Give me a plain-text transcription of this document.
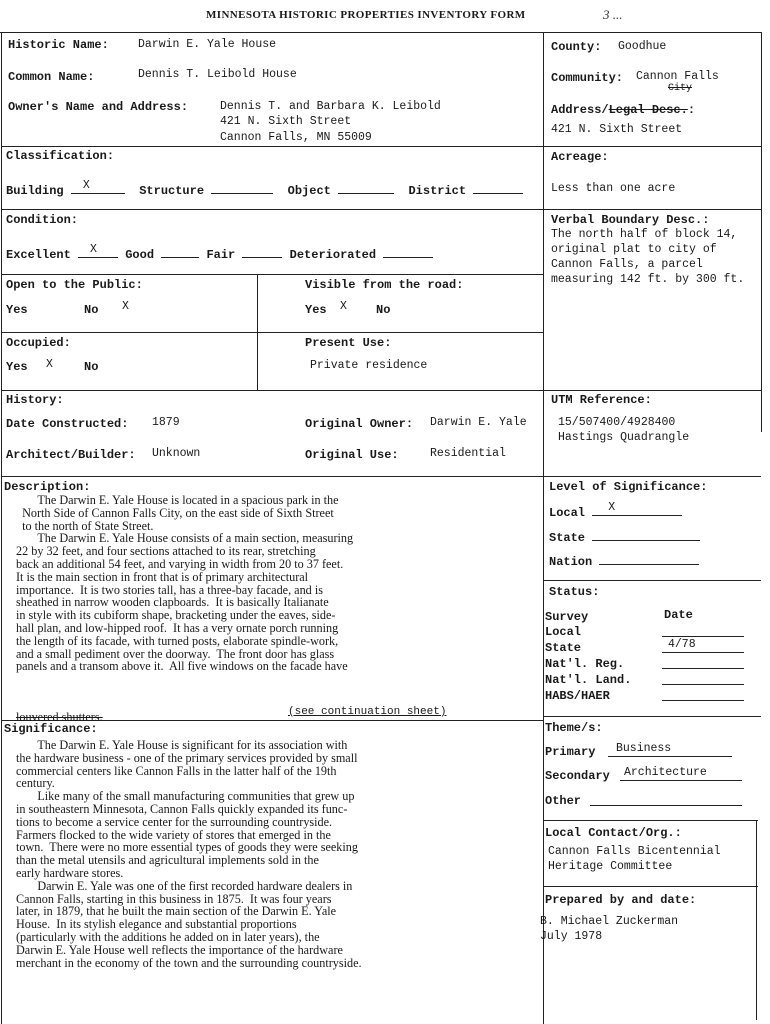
MINNESOTA HISTORIC PROPERTIES INVENTORY FORM	3 ...
Historic Name:	Darwin E. Yale House
Common Name:	Dennis T. Leibold House
Owner's Name and Address:	Dennis T. and Barbara K. Leibold
421 N. Sixth Street
Cannon Falls, MN 55009
County: Goodhue
Community: Cannon Falls
City
Address/Legal Desc.:
421 N. Sixth Street
Classification:
Building X	Structure	Object	District
Acreage:
Less than one acre
Condition:
Excellent X Good	Fair	Deteriorated
Verbal Boundary Desc.:
The north half of block 14,
original plat to city of
Cannon Falls, a parcel
measuring 142 ft. by 300 ft.
Open to the Public:
Yes	No X
Visible from the road:
Yes X No
Occupied:
Yes X	No
Present Use:
Private residence
History:
Date Constructed: 1879	Original Owner: Darwin E. Yale
Architect/Builder: Unknown	Original Use:	Residential
UTM Reference:
15/507400/4928400
Hastings Quadrangle
Description:
The Darwin E. Yale House is located in a spacious park in the
North Side of Cannon Falls City, on the east side of Sixth Street
to the north of State Street.
The Darwin E. Yale House consists of a main section, measuring
22 by 32 feet, and four sections attached to its rear, stretching
back an additional 54 feet, and varying in width from 20 to 37 feet.
It is the main section in front that is of primary architectural
importance.  It is two stories tall, has a three-bay facade, and is
sheathed in narrow wooden clapboards.  It is basically Italianate
in style with its cubiform shape, bracketing under the eaves, side-
hall plan, and low-hipped roof.  It has a very ornate porch running
the length of its facade, with turned posts, elaborate spindle-work,
and a small pediment over the doorway.  The front door has glass
panels and a transom above it.  All five windows on the facade have
louvered shutters.	(see continuation sheet)
Level of Significance:
Local X
State
Nation
Status:
Survey	Date
Local
State	4/78
Nat'l. Reg.
Nat'l. Land.
HABS/HAER
Significance:
The Darwin E. Yale House is significant for its association with
the hardware business - one of the primary services provided by small
commercial centers like Cannon Falls in the latter half of the 19th
century.
Like many of the small manufacturing communities that grew up
in southeastern Minnesota, Cannon Falls quickly expanded its func-
tions to become a service center for the surrounding countryside.
Farmers flocked to the wide variety of stores that emerged in the
town.  There were no more essential types of goods they were seeking
than the metal utensils and agricultural implements sold in the
early hardware stores.
Darwin E. Yale was one of the first recorded hardware dealers in
Cannon Falls, starting in this business in 1875.  It was four years
later, in 1879, that he built the main section of the Darwin E. Yale
House.  In its stylish elegance and substantial proportions
(particularly with the additions he added on in later years), the
Darwin E. Yale House well reflects the importance of the hardware
merchant in the economy of the town and the surrounding countryside.
Theme/s:
Primary Business
Secondary Architecture
Other
Local Contact/Org.:
Cannon Falls Bicentennial
Heritage Committee
Prepared by and date:
B. Michael Zuckerman
July 1978
